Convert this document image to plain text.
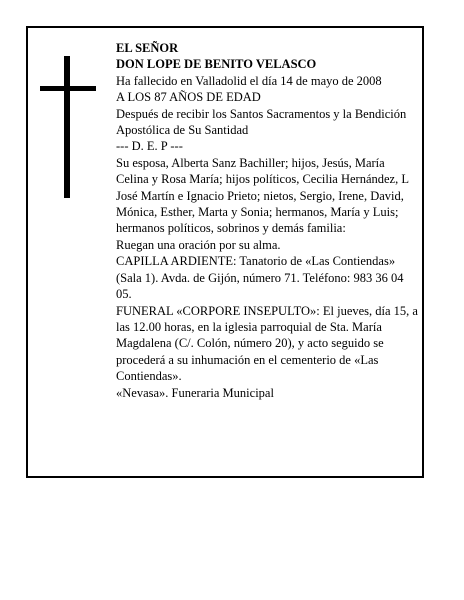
EL SEÑOR

DON LOPE DE BENITO VELASCO

Ha fallecido en Valladolid el día 14 de mayo de 2008

A LOS 87 AÑOS DE EDAD

Después de recibir los Santos Sacramentos y la Bendición Apostólica de Su Santidad

--- D. E. P ---

Su esposa, Alberta Sanz Bachiller; hijos, Jesús, María Celina y Rosa María; hijos políticos, Cecilia Hernández, L José Martín e Ignacio Prieto; nietos, Sergio, Irene, David, Mónica, Esther, Marta y Sonia; hermanos, María y Luis; hermanos políticos, sobrinos y demás familia:

Ruegan una oración por su alma.

CAPILLA ARDIENTE: Tanatorio de «Las Contiendas» (Sala 1). Avda. de Gijón, número 71. Teléfono: 983 36 04 05.

FUNERAL «CORPORE INSEPULTO»: El jueves, día 15, a las 12.00 horas, en la iglesia parroquial de Sta. María Magdalena (C/. Colón, número 20), y acto seguido se procederá a su inhumación en el cementerio de «Las Contiendas».

«Nevasa». Funeraria Municipal
